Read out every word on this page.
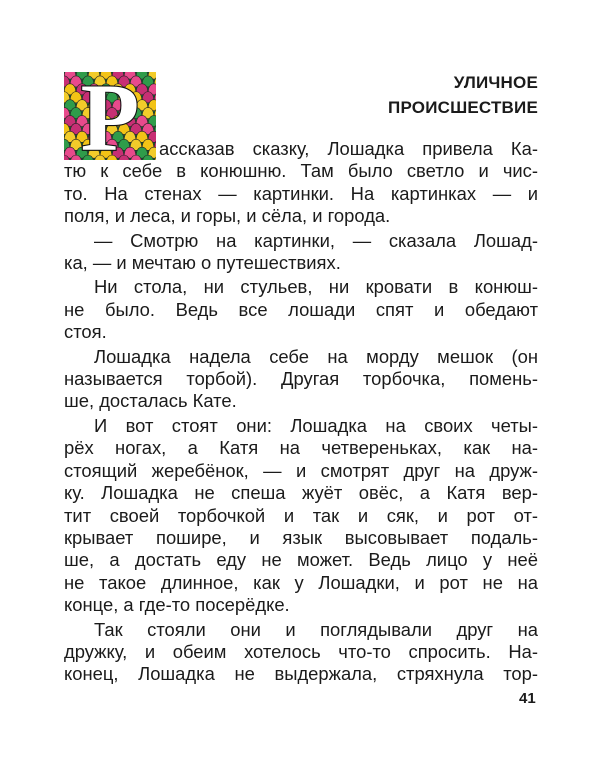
УЛИЧНОЕ
ПРОИСШЕСТВИЕ
Р	ассказав сказку, Лошадка привела Ка-
тю к себе в конюшню. Там было светло и чис-
то. На стенах — картинки. На картинках — и
поля, и леса, и горы, и сёла, и города.

— Смотрю на картинки, — сказала Лошад-
ка, — и мечтаю о путешествиях.

Ни стола, ни стульев, ни кровати в конюш-
не было. Ведь все лошади спят и обедают
стоя.

Лошадка надела себе на морду мешок (он
называется торбой). Другая торбочка, помень-
ше, досталась Кате.

И вот стоят они: Лошадка на своих четы-
рёх ногах, а Катя на четвереньках, как на-
стоящий жеребёнок, — и смотрят друг на друж-
ку. Лошадка не спеша жуёт овёс, а Катя вер-
тит своей торбочкой и так и сяк, и рот от-
крывает пошире, и язык высовывает подаль-
ше, а достать еду не может. Ведь лицо у неё
не такое длинное, как у Лошадки, и рот не на
конце, а где-то посерёдке.

Так стояли они и поглядывали друг на
дружку, и обеим хотелось что-то спросить. На-
конец, Лошадка не выдержала, стряхнула тор-

41
